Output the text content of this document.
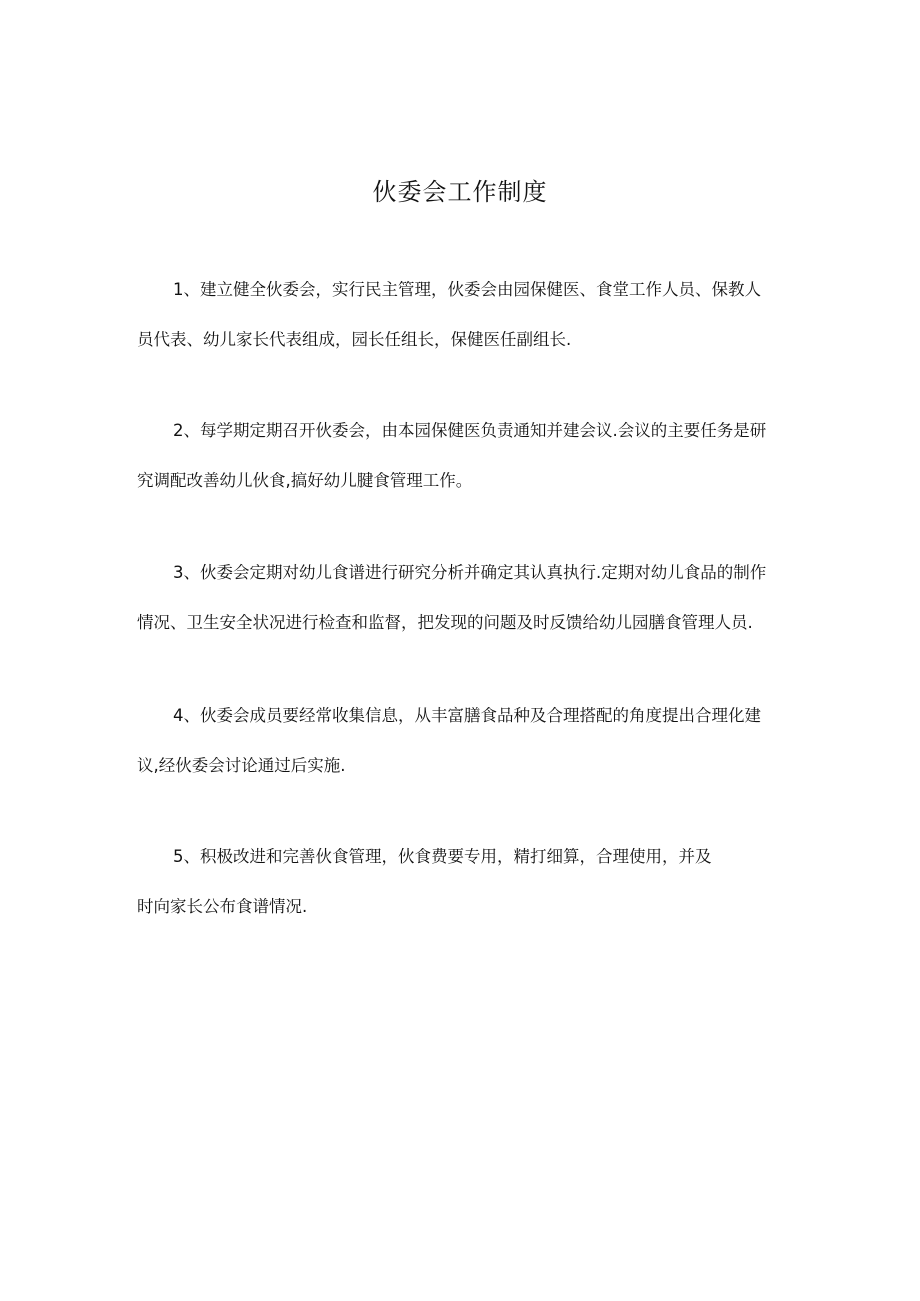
伙委会工作制度

1、建立健全伙委会，实行民主管理，伙委会由园保健医、食堂工作人员、保教人
员代表、幼儿家长代表组成，园长任组长，保健医任副组长.

2、每学期定期召开伙委会，由本园保健医负责通知并建会议.会议的主要任务是研
究调配改善幼儿伙食,搞好幼儿腱食管理工作。

3、伙委会定期对幼儿食谱进行研究分析并确定其认真执行.定期对幼儿食品的制作
情况、卫生安全状况进行检查和监督，把发现的问题及时反馈给幼儿园膳食管理人员.

4、伙委会成员要经常收集信息，从丰富膳食品种及合理搭配的角度提出合理化建
议,经伙委会讨论通过后实施.

5、积极改进和完善伙食管理，伙食费要专用，精打细算，合理使用，并及
时向家长公布食谱情况.
